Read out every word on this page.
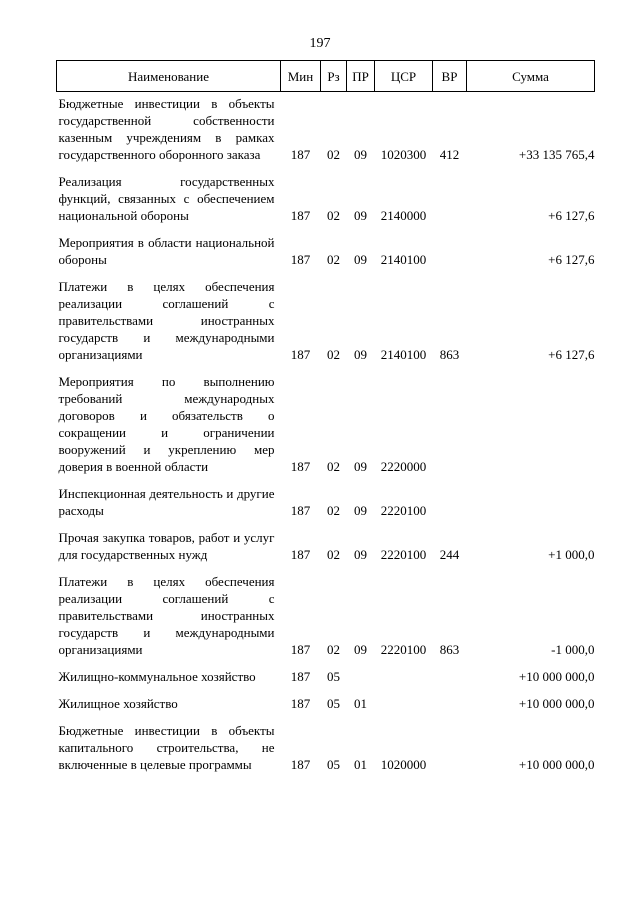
197
Наименование	Мин	Рз	ПР	ЦСР	ВР	Сумма
Бюджетные инвестиции в объекты государственной собственности казенным учреждениям в рамках государственного оборонного заказа	187	02	09	1020300	412	+33 135 765,4
Реализация государственных функций, связанных с обеспечением национальной обороны	187	02	09	2140000		+6 127,6
Мероприятия в области национальной обороны	187	02	09	2140100		+6 127,6
Платежи в целях обеспечения реализации соглашений с правительствами иностранных государств и международными организациями	187	02	09	2140100	863	+6 127,6
Мероприятия по выполнению требований международных договоров и обязательств о сокращении и ограничении вооружений и укреплению мер доверия в военной области	187	02	09	2220000		
Инспекционная деятельность и другие расходы	187	02	09	2220100		
Прочая закупка товаров, работ и услуг для государственных нужд	187	02	09	2220100	244	+1 000,0
Платежи в целях обеспечения реализации соглашений с правительствами иностранных государств и международными организациями	187	02	09	2220100	863	-1 000,0
Жилищно-коммунальное хозяйство	187	05				+10 000 000,0
Жилищное хозяйство	187	05	01			+10 000 000,0
Бюджетные инвестиции в объекты капитального строительства, не включенные в целевые программы	187	05	01	1020000		+10 000 000,0
